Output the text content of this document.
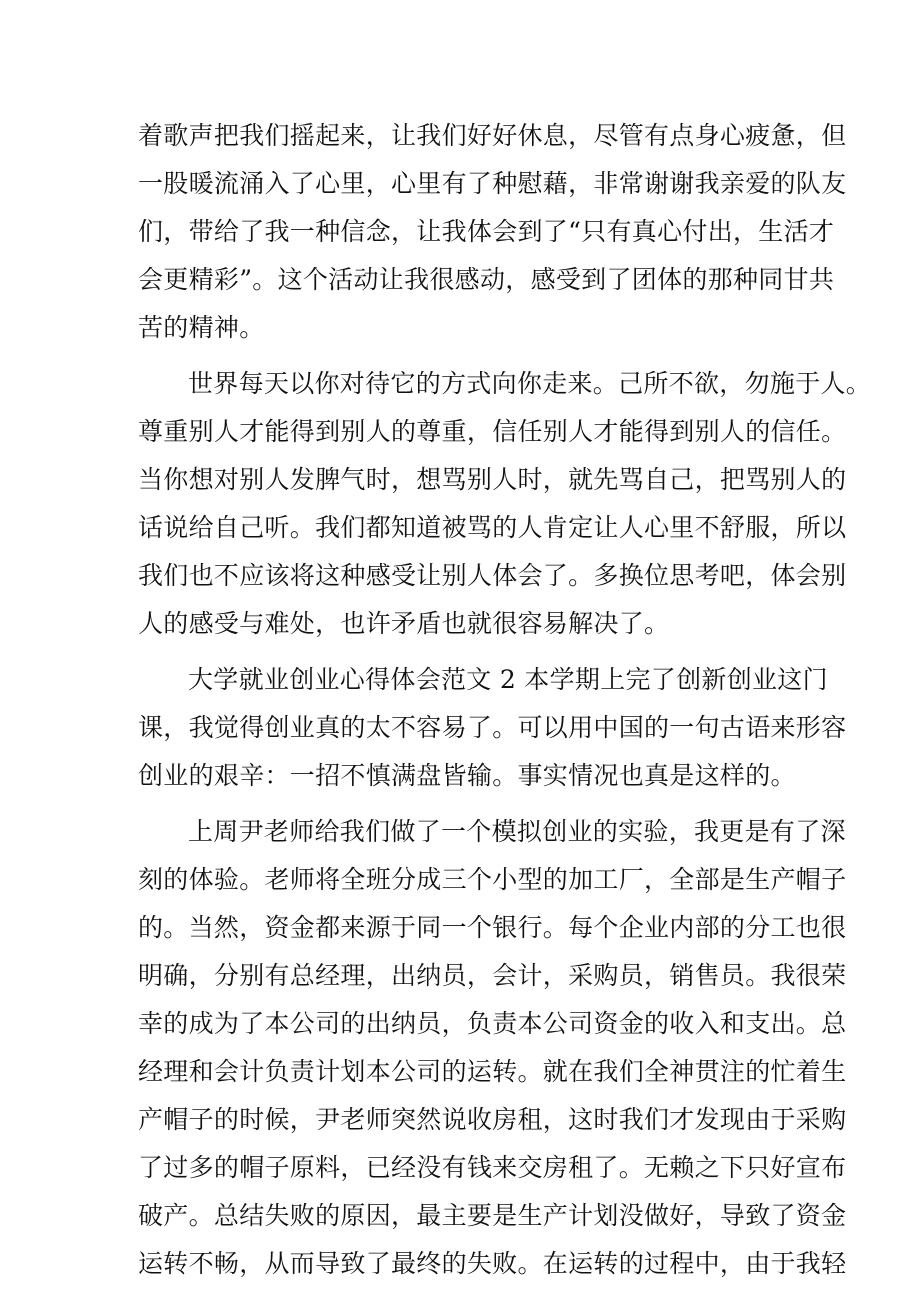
着歌声把我们摇起来，让我们好好休息，尽管有点身心疲惫，但
一股暖流涌入了心里，心里有了种慰藉，非常谢谢我亲爱的队友
们，带给了我一种信念，让我体会到了“只有真心付出，生活才
会更精彩”。这个活动让我很感动，感受到了团体的那种同甘共
苦的精神。
世界每天以你对待它的方式向你走来。己所不欲，勿施于人。
尊重别人才能得到别人的尊重，信任别人才能得到别人的信任。
当你想对别人发脾气时，想骂别人时，就先骂自己，把骂别人的
话说给自己听。我们都知道被骂的人肯定让人心里不舒服，所以
我们也不应该将这种感受让别人体会了。多换位思考吧，体会别
人的感受与难处，也许矛盾也就很容易解决了。
大学就业创业心得体会范文 2 本学期上完了创新创业这门
课，我觉得创业真的太不容易了。可以用中国的一句古语来形容
创业的艰辛：一招不慎满盘皆输。事实情况也真是这样的。
上周尹老师给我们做了一个模拟创业的实验，我更是有了深
刻的体验。老师将全班分成三个小型的加工厂，全部是生产帽子
的。当然，资金都来源于同一个银行。每个企业内部的分工也很
明确，分别有总经理，出纳员，会计，采购员，销售员。我很荣
幸的成为了本公司的出纳员，负责本公司资金的收入和支出。总
经理和会计负责计划本公司的运转。就在我们全神贯注的忙着生
产帽子的时候，尹老师突然说收房租，这时我们才发现由于采购
了过多的帽子原料，已经没有钱来交房租了。无赖之下只好宣布
破产。总结失败的原因，最主要是生产计划没做好，导致了资金
运转不畅，从而导致了最终的失败。在运转的过程中，由于我轻
